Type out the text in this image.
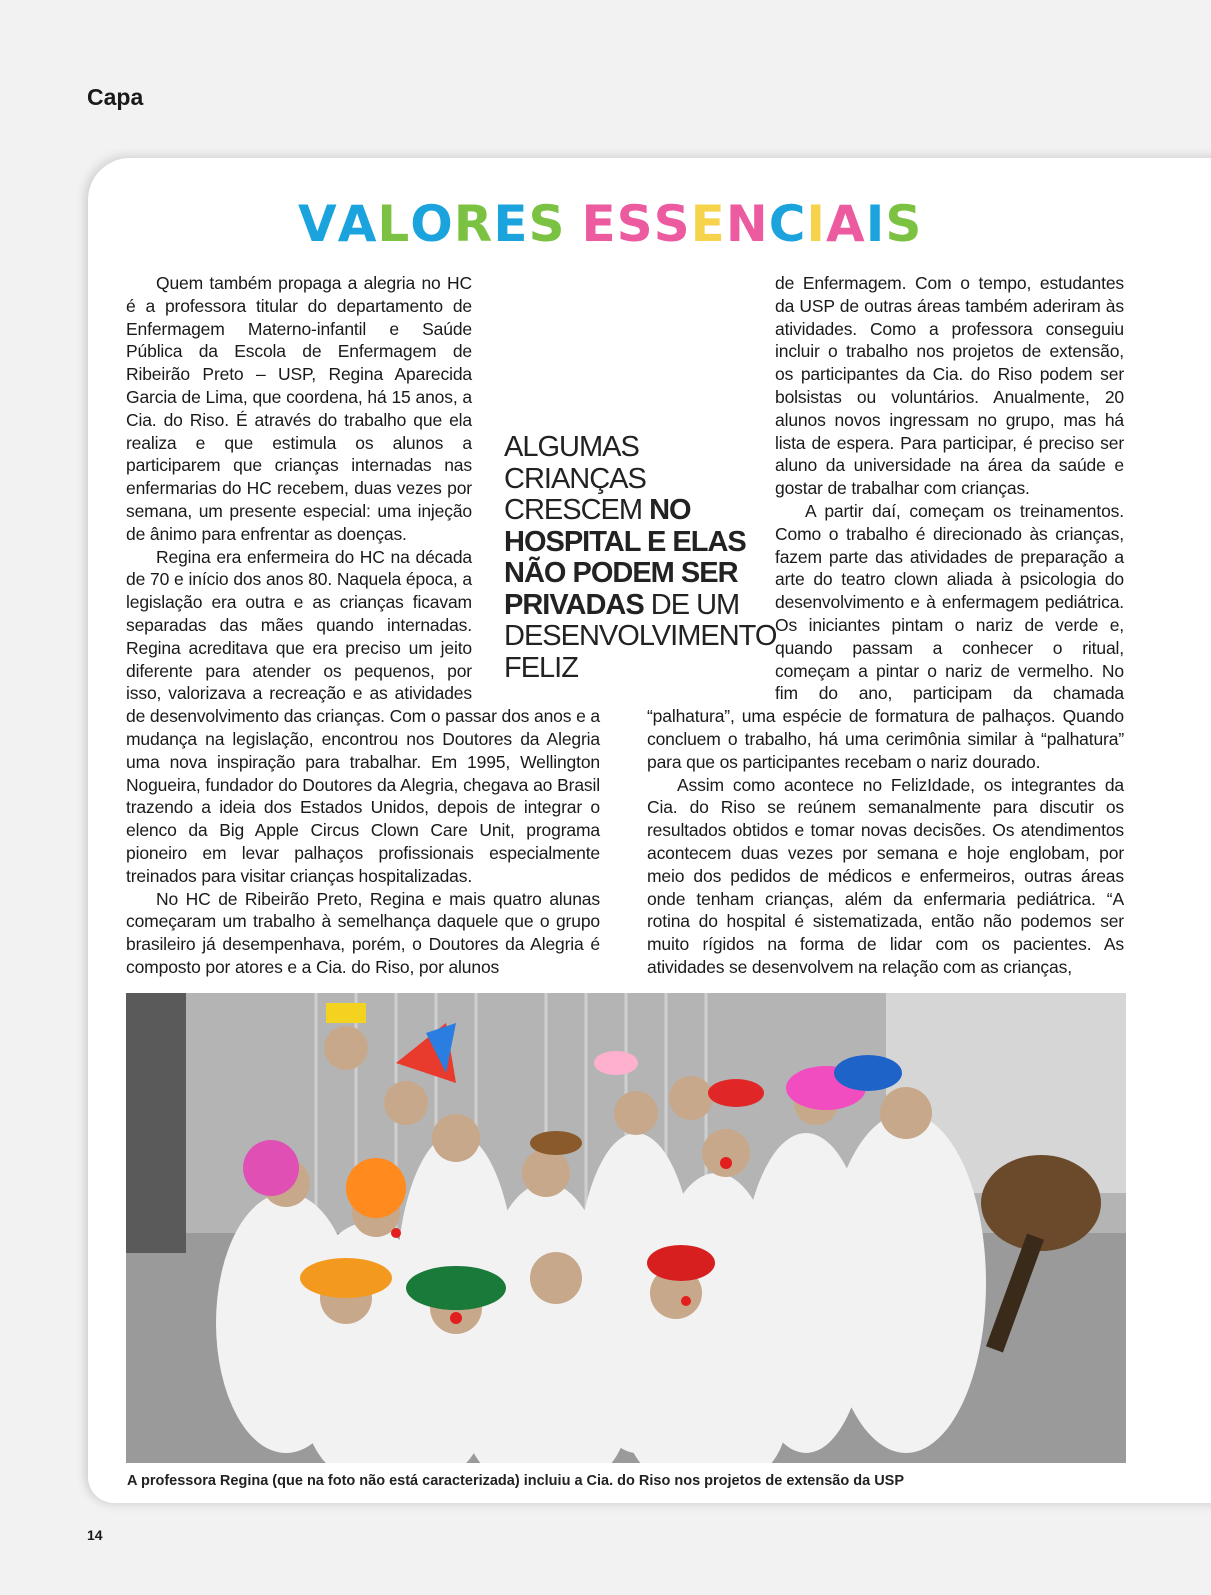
Capa
V A L O R E S
E S S E N C I A I S

Quem também propaga a alegria no HC é a professora titular do departamento de Enfermagem Materno-infantil e Saúde Pública da Escola de Enfermagem de Ribeirão Preto – USP, Regina Aparecida Garcia de Lima, que coordena, há 15 anos, a Cia. do Riso. É através do trabalho que ela realiza e que estimula os alunos a participarem que crianças internadas nas enfermarias do HC recebem, duas vezes por semana, um presente especial: uma injeção de ânimo para enfrentar as doenças.

Regina era enfermeira do HC na década de 70 e início dos anos 80. Naquela época, a legislação era outra e as crianças ficavam separadas das mães quando internadas. Regina acreditava que era preciso um jeito diferente para atender os pequenos, por isso, valorizava a recreação e as atividades de desenvolvimento das crianças. Com o passar dos anos e a mudança na legislação, encontrou nos Doutores da Alegria uma nova inspiração para trabalhar. Em 1995, Wellington Nogueira, fundador do Doutores da Alegria, chegava ao Brasil trazendo a ideia dos Estados Unidos, depois de integrar o elenco da Big Apple Circus Clown Care Unit, programa pioneiro em levar palhaços profissionais especialmente treinados para visitar crianças hospitalizadas.

No HC de Ribeirão Preto, Regina e mais quatro alunas começaram um trabalho à semelhança daquele que o grupo brasileiro já desempenhava, porém, o Doutores da Alegria é composto por atores e a Cia. do Riso, por alunos

de Enfermagem. Com o tempo, estudantes da USP de outras áreas também aderiram às atividades. Como a professora conseguiu incluir o trabalho nos projetos de extensão, os participantes da Cia. do Riso podem ser bolsistas ou voluntários. Anualmente, 20 alunos novos ingressam no grupo, mas há lista de espera. Para participar, é preciso ser aluno da universidade na área da saúde e gostar de trabalhar com crianças.

A partir daí, começam os treinamentos. Como o trabalho é direcionado às crianças, fazem parte das atividades de preparação a arte do teatro clown aliada à psicologia do desenvolvimento e à enfermagem pediátrica. Os iniciantes pintam o nariz de verde e, quando passam a conhecer o ritual, começam a pintar o nariz de vermelho. No fim do ano, participam da chamada “palhatura”, uma espécie de formatura de palhaços. Quando concluem o trabalho, há uma cerimônia similar à “palhatura” para que os participantes recebam o nariz dourado.

Assim como acontece no FelizIdade, os integrantes da Cia. do Riso se reúnem semanalmente para discutir os resultados obtidos e tomar novas decisões. Os atendimentos acontecem duas vezes por semana e hoje englobam, por meio dos pedidos de médicos e enfermeiros, outras áreas onde tenham crianças, além da enfermaria pediátrica. “A rotina do hospital é sistematizada, então não podemos ser muito rígidos na forma de lidar com os pacientes. As atividades se desenvolvem na relação com as crianças,

ALGUMAS CRIANÇAS CRESCEM NO HOSPITAL E ELAS NÃO PODEM SER PRIVADAS DE UM DESENVOLVIMENTO FELIZ
A professora Regina (que na foto não está caracterizada) incluiu a Cia. do Riso nos projetos de extensão da USP
14
